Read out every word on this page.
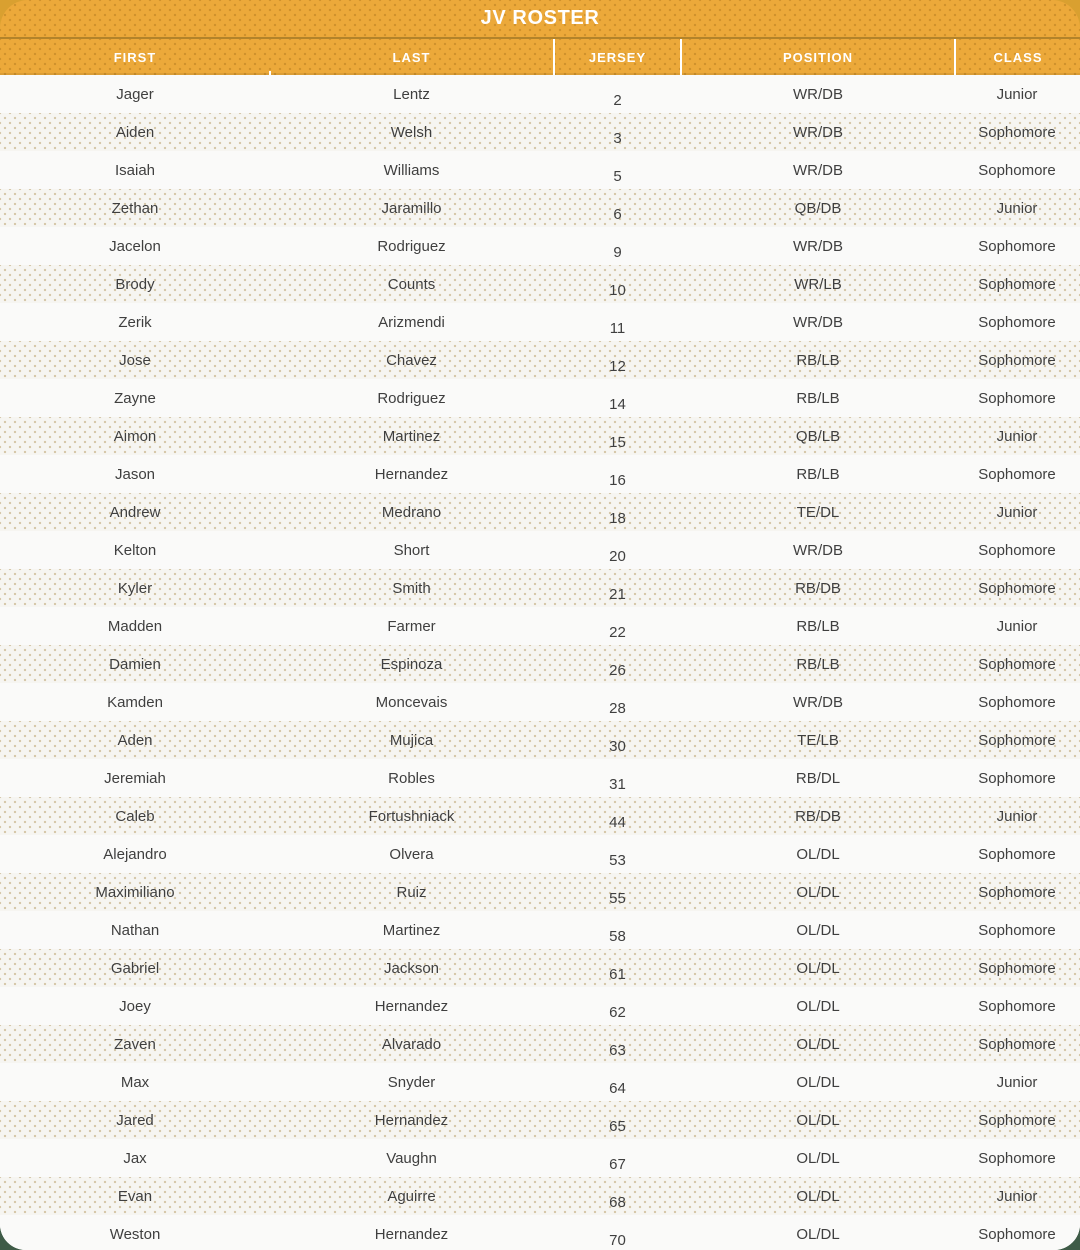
JV ROSTER
FIRST	LAST	JERSEY	POSITION	CLASS
Jager	Lentz	2	WR/DB	Junior
Aiden	Welsh	3	WR/DB	Sophomore
Isaiah	Williams	5	WR/DB	Sophomore
Zethan	Jaramillo	6	QB/DB	Junior
Jacelon	Rodriguez	9	WR/DB	Sophomore
Brody	Counts	10	WR/LB	Sophomore
Zerik	Arizmendi	11	WR/DB	Sophomore
Jose	Chavez	12	RB/LB	Sophomore
Zayne	Rodriguez	14	RB/LB	Sophomore
Aimon	Martinez	15	QB/LB	Junior
Jason	Hernandez	16	RB/LB	Sophomore
Andrew	Medrano	18	TE/DL	Junior
Kelton	Short	20	WR/DB	Sophomore
Kyler	Smith	21	RB/DB	Sophomore
Madden	Farmer	22	RB/LB	Junior
Damien	Espinoza	26	RB/LB	Sophomore
Kamden	Moncevais	28	WR/DB	Sophomore
Aden	Mujica	30	TE/LB	Sophomore
Jeremiah	Robles	31	RB/DL	Sophomore
Caleb	Fortushniack	44	RB/DB	Junior
Alejandro	Olvera	53	OL/DL	Sophomore
Maximiliano	Ruiz	55	OL/DL	Sophomore
Nathan	Martinez	58	OL/DL	Sophomore
Gabriel	Jackson	61	OL/DL	Sophomore
Joey	Hernandez	62	OL/DL	Sophomore
Zaven	Alvarado	63	OL/DL	Sophomore
Max	Snyder	64	OL/DL	Junior
Jared	Hernandez	65	OL/DL	Sophomore
Jax	Vaughn	67	OL/DL	Sophomore
Evan	Aguirre	68	OL/DL	Junior
Weston	Hernandez	70	OL/DL	Sophomore
